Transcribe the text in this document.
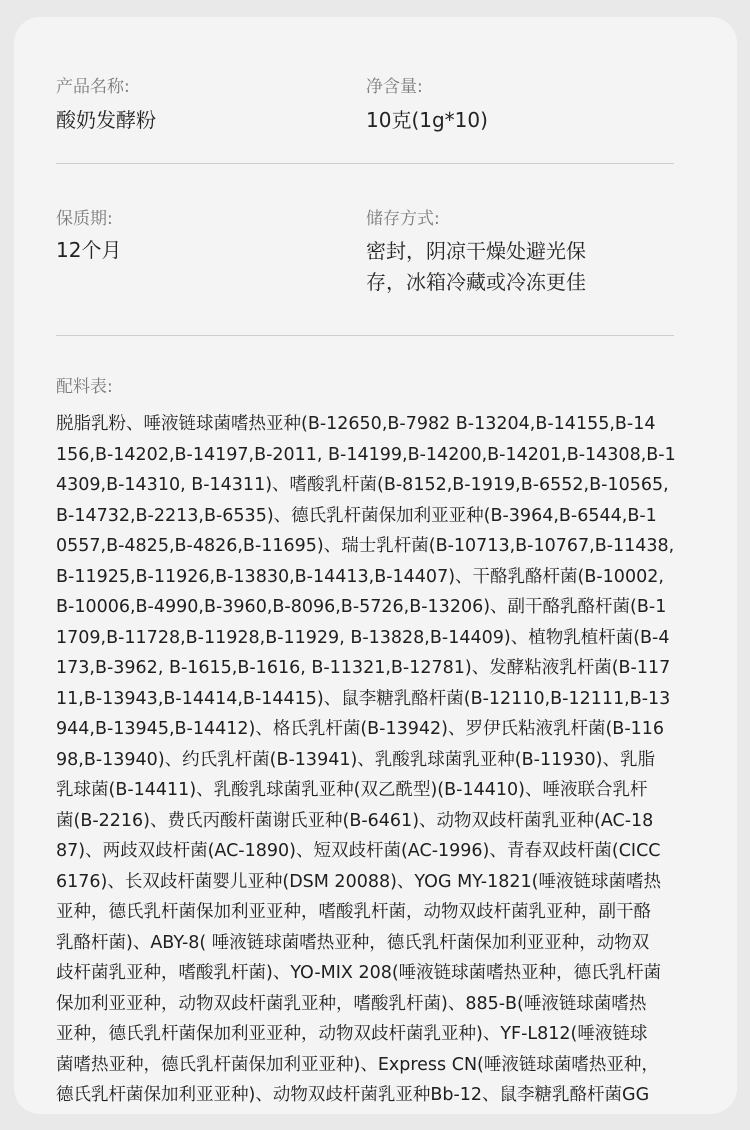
产品名称:
酸奶发酵粉
净含量:
10克(1g*10)
保质期:
12个月
储存方式:
密封，阴凉干燥处避光保
存，冰箱冷藏或冷冻更佳
配料表:
脱脂乳粉、唾液链球菌嗜热亚种(B-12650,B-7982 B-13204,B-14155,B-14
156,B-14202,B-14197,B-2011, B-14199,B-14200,B-14201,B-14308,B-1
4309,B-14310, B-14311)、嗜酸乳杆菌(B-8152,B-1919,B-6552,B-10565,
B-14732,B-2213,B-6535)、德氏乳杆菌保加利亚亚种(B-3964,B-6544,B-1
0557,B-4825,B-4826,B-11695)、瑞士乳杆菌(B-10713,B-10767,B-11438,
B-11925,B-11926,B-13830,B-14413,B-14407)、干酪乳酪杆菌(B-10002,
B-10006,B-4990,B-3960,B-8096,B-5726,B-13206)、副干酪乳酪杆菌(B-1
1709,B-11728,B-11928,B-11929, B-13828,B-14409)、植物乳植杆菌(B-4
173,B-3962, B-1615,B-1616, B-11321,B-12781)、发酵粘液乳杆菌(B-117
11,B-13943,B-14414,B-14415)、鼠李糖乳酪杆菌(B-12110,B-12111,B-13
944,B-13945,B-14412)、格氏乳杆菌(B-13942)、罗伊氏粘液乳杆菌(B-116
98,B-13940)、约氏乳杆菌(B-13941)、乳酸乳球菌乳亚种(B-11930)、乳脂
乳球菌(B-14411)、乳酸乳球菌乳亚种(双乙酰型)(B-14410)、唾液联合乳杆
菌(B-2216)、费氏丙酸杆菌谢氏亚种(B-6461)、动物双歧杆菌乳亚种(AC-18
87)、两歧双歧杆菌(AC-1890)、短双歧杆菌(AC-1996)、青春双歧杆菌(CICC
6176)、长双歧杆菌婴儿亚种(DSM 20088)、YOG MY-1821(唾液链球菌嗜热
亚种，德氏乳杆菌保加利亚亚种，嗜酸乳杆菌，动物双歧杆菌乳亚种，副干酪
乳酪杆菌)、ABY-8( 唾液链球菌嗜热亚种，德氏乳杆菌保加利亚亚种，动物双
歧杆菌乳亚种，嗜酸乳杆菌)、YO-MIX 208(唾液链球菌嗜热亚种，德氏乳杆菌
保加利亚亚种，动物双歧杆菌乳亚种，嗜酸乳杆菌)、885-B(唾液链球菌嗜热
亚种，德氏乳杆菌保加利亚亚种，动物双歧杆菌乳亚种)、YF-L812(唾液链球
菌嗜热亚种，德氏乳杆菌保加利亚亚种)、Express CN(唾液链球菌嗜热亚种，
德氏乳杆菌保加利亚亚种)、动物双歧杆菌乳亚种Bb-12、鼠李糖乳酪杆菌GG
